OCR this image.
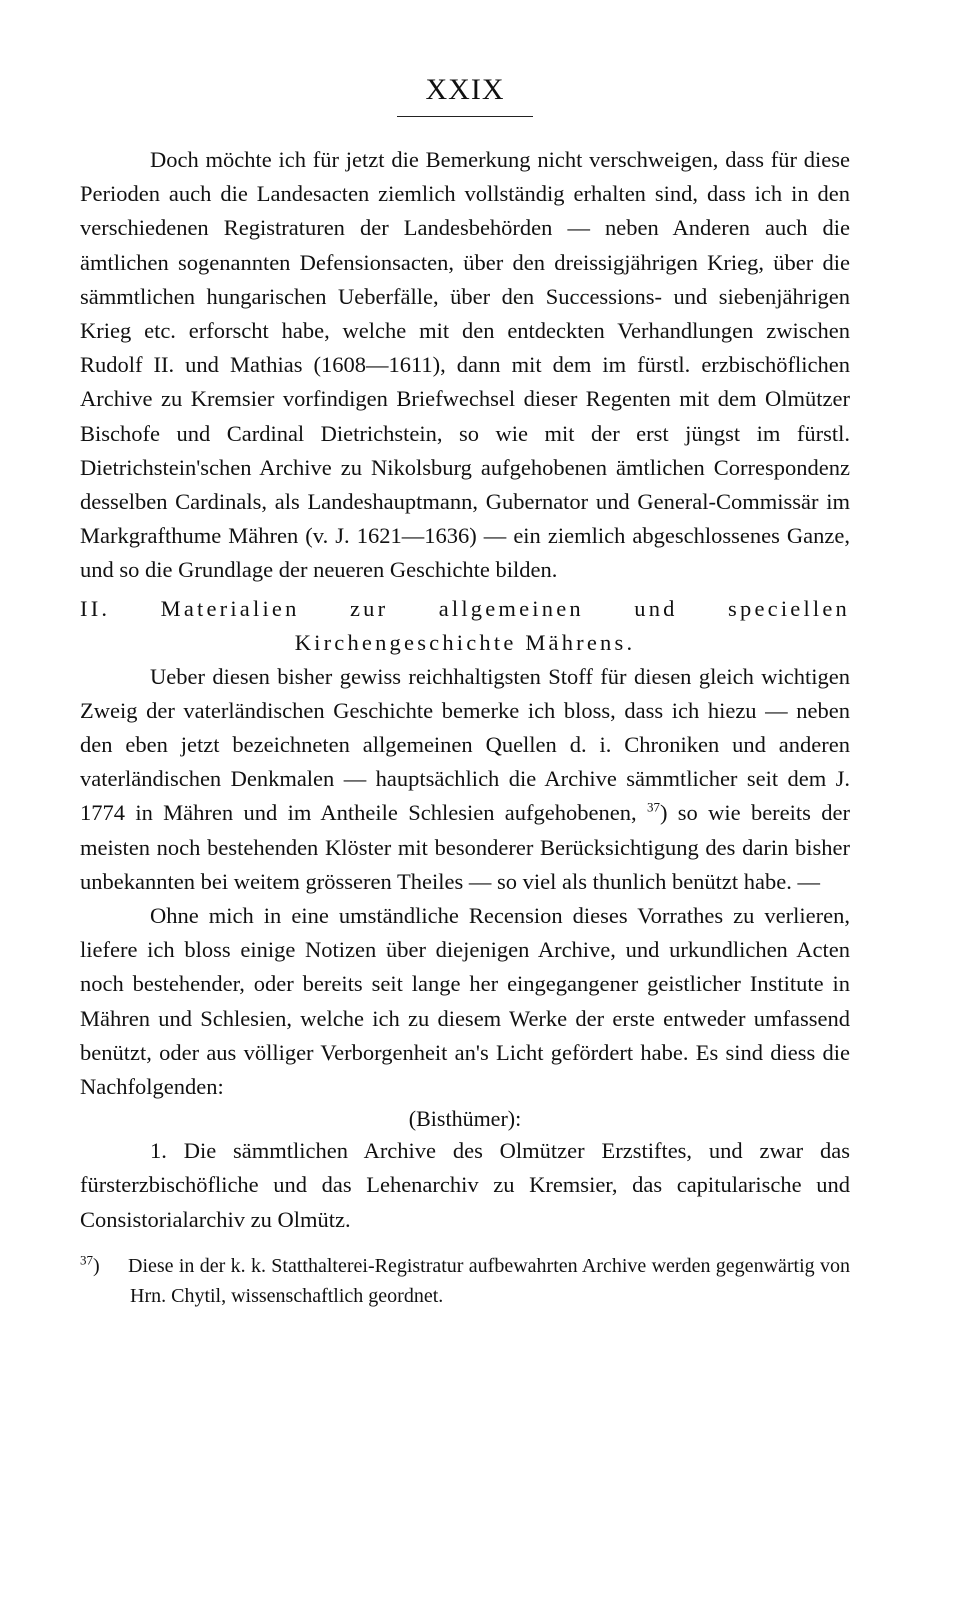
XXIX

Doch möchte ich für jetzt die Bemerkung nicht verschweigen, dass für diese Perioden auch die Landesacten ziemlich vollständig erhalten sind, dass ich in den verschiedenen Registraturen der Landesbehörden — neben Anderen auch die ämtlichen sogenannten Defensionsacten, über den dreissigjährigen Krieg, über die sämmtlichen hungarischen Ueberfälle, über den Successions- und siebenjährigen Krieg etc. erforscht habe, welche mit den entdeckten Verhandlungen zwischen Rudolf II. und Mathias (1608—1611), dann mit dem im fürstl. erzbischöflichen Archive zu Kremsier vorfindigen Briefwechsel dieser Regenten mit dem Olmützer Bischofe und Cardinal Dietrichstein, so wie mit der erst jüngst im fürstl. Dietrichstein'schen Archive zu Nikolsburg aufgehobenen ämtlichen Correspondenz desselben Cardinals, als Landeshauptmann, Gubernator und General-Commissär im Markgrafthume Mähren (v. J. 1621—1636) — ein ziemlich abgeschlossenes Ganze, und so die Grundlage der neueren Geschichte bilden.

II. Materialien zur allgemeinen und speciellen Kirchengeschichte Mährens.

Ueber diesen bisher gewiss reichhaltigsten Stoff für diesen gleich wichtigen Zweig der vaterländischen Geschichte bemerke ich bloss, dass ich hiezu — neben den eben jetzt bezeichneten allgemeinen Quellen d. i. Chroniken und anderen vaterländischen Denkmalen — hauptsächlich die Archive sämmtlicher seit dem J. 1774 in Mähren und im Antheile Schlesien aufgehobenen, $^{37}$) so wie bereits der meisten noch bestehenden Klöster mit besonderer Berücksichtigung des darin bisher unbekannten bei weitem grösseren Theiles — so viel als thunlich benützt habe. —

Ohne mich in eine umständliche Recension dieses Vorrathes zu verlieren, liefere ich bloss einige Notizen über diejenigen Archive, und urkundlichen Acten noch bestehender, oder bereits seit lange her eingegangener geistlicher Institute in Mähren und Schlesien, welche ich zu diesem Werke der erste entweder umfassend benützt, oder aus völliger Verborgenheit an's Licht gefördert habe. Es sind diess die Nachfolgenden:

(Bisthümer):

1. Die sämmtlichen Archive des Olmützer Erzstiftes, und zwar das fürsterzbischöfliche und das Lehenarchiv zu Kremsier, das capitularische und Consistorialarchiv zu Olmütz.

$^{37}$) Diese in der k. k. Statthalterei-Registratur aufbewahrten Archive werden gegenwärtig von Hrn. Chytil, wissenschaftlich geordnet.
